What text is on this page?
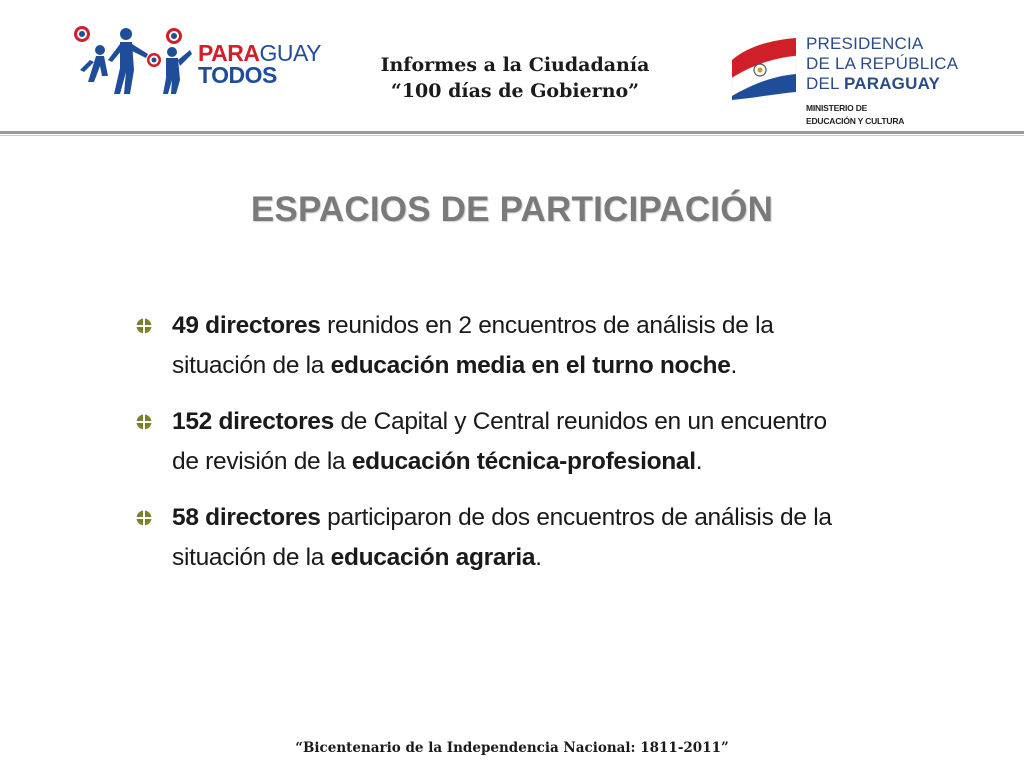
PARAGUAY
TODOS	Informes a la Ciudadanía
“100 días de Gobierno”
PRESIDENCIA
DE LA REPÚBLICA
DEL PARAGUAY
MINISTERIO DE
EDUCACIÓN Y CULTURA
ESPACIOS DE PARTICIPACIÓN
49 directores reunidos en 2 encuentros de análisis de la situación de la educación media en el turno noche.
152 directores de Capital y Central reunidos en un encuentro de revisión de la educación técnica-profesional.
58 directores participaron de dos encuentros de análisis de la situación de la educación agraria.
“Bicentenario de la Independencia Nacional: 1811-2011”
